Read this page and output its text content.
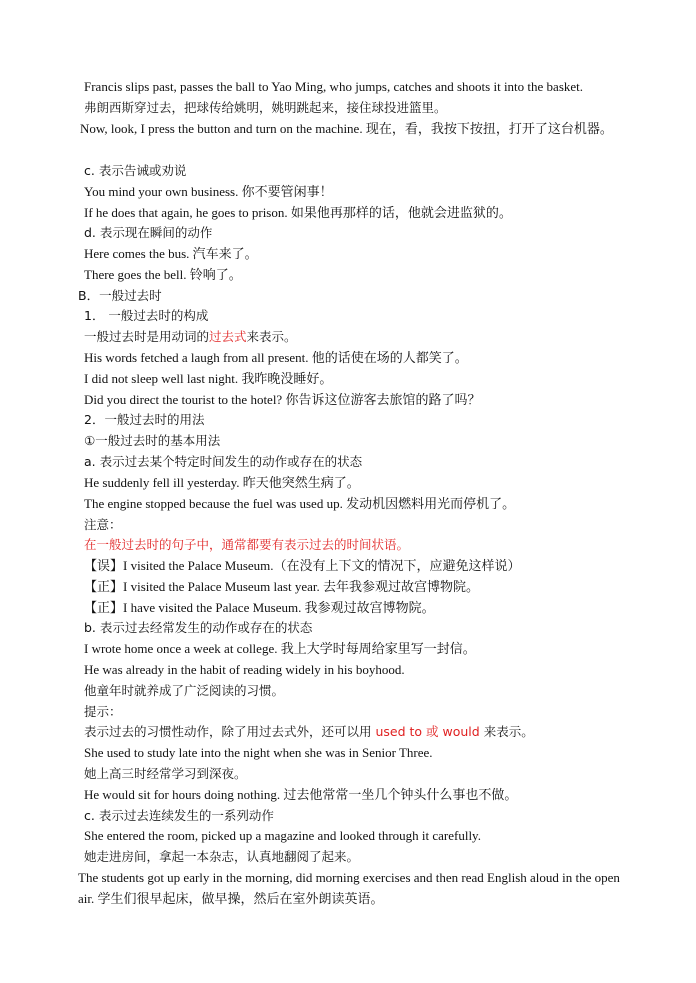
Francis slips past, passes the ball to Yao Ming, who jumps, catches and shoots it into the basket.
弗朗西斯穿过去，把球传给姚明，姚明跳起来，接住球投进篮里。
Now, look, I press the button and turn on the machine. 现在，看，我按下按扭，打开了这台机器。
c. 表示告诫或劝说
You mind your own business. 你不要管闲事！
If he does that again, he goes to prison. 如果他再那样的话，他就会进监狱的。
d. 表示现在瞬间的动作
Here comes the bus. 汽车来了。
There goes the bell. 铃响了。
B．一般过去时
1． 一般过去时的构成
一般过去时是用动词的过去式来表示。
His words fetched a laugh from all present. 他的话使在场的人都笑了。
I did not sleep well last night. 我昨晚没睡好。
Did you direct the tourist to the hotel? 你告诉这位游客去旅馆的路了吗？
2．一般过去时的用法
①一般过去时的基本用法
a. 表示过去某个特定时间发生的动作或存在的状态
He suddenly fell ill yesterday. 昨天他突然生病了。
The engine stopped because the fuel was used up. 发动机因燃料用光而停机了。
注意：
在一般过去时的句子中，通常都要有表示过去的时间状语。
【误】I visited the Palace Museum.（在没有上下文的情况下，应避免这样说）
【正】I visited the Palace Museum last year. 去年我参观过故宫博物院。
【正】I have visited the Palace Museum. 我参观过故宫博物院。
b. 表示过去经常发生的动作或存在的状态
I wrote home once a week at college. 我上大学时每周给家里写一封信。
He was already in the habit of reading widely in his boyhood.
他童年时就养成了广泛阅读的习惯。
提示：
表示过去的习惯性动作，除了用过去式外，还可以用 used to 或 would 来表示。
She used to study late into the night when she was in Senior Three.
她上高三时经常学习到深夜。
He would sit for hours doing nothing. 过去他常常一坐几个钟头什么事也不做。
c. 表示过去连续发生的一系列动作
She entered the room, picked up a magazine and looked through it carefully.
她走进房间，拿起一本杂志，认真地翻阅了起来。
The students got up early in the morning, did morning exercises and then read English aloud in the open air. 学生们很早起床，做早操，然后在室外朗读英语。
